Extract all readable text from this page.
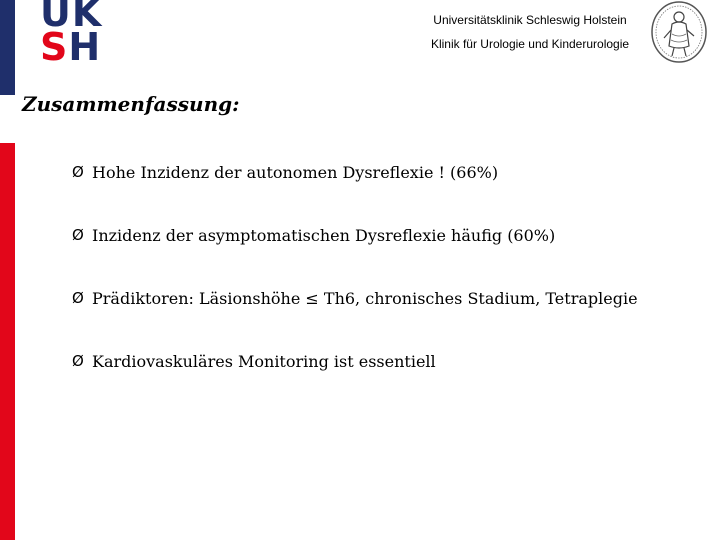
UK
SH
Universitätsklinik Schleswig Holstein
Klinik für Urologie und Kinderurologie
Zusammenfassung:
Ø Hohe Inzidenz der autonomen Dysreflexie ! (66%)
Ø Inzidenz der asymptomatischen Dysreflexie häufig (60%)
Ø Prädiktoren: Läsionshöhe ≤ Th6, chronisches Stadium, Tetraplegie
Ø Kardiovaskuläres Monitoring ist essentiell
